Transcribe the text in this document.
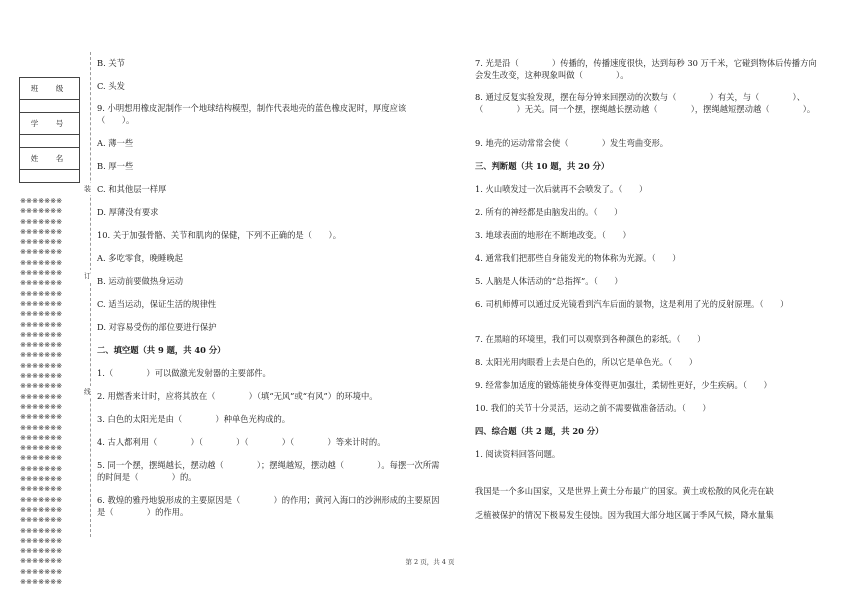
班　级

学　号

姓　名

※※※※※※※
※※※※※※※
※※※※※※※
※※※※※※※
※※※※※※※
※※※※※※※
※※※※※※※
※※※※※※※
※※※※※※※
※※※※※※※
※※※※※※※
※※※※※※※
※※※※※※※
※※※※※※※
※※※※※※※
※※※※※※※
※※※※※※※
※※※※※※※
※※※※※※※
※※※※※※※
※※※※※※※
※※※※※※※
※※※※※※※
※※※※※※※
※※※※※※※
※※※※※※※
※※※※※※※
※※※※※※※
※※※※※※※
※※※※※※※
※※※※※※※
※※※※※※※
※※※※※※※
※※※※※※※
※※※※※※※
※※※※※※※
※※※※※※※
※※※※※※※
装
订
线
B. 关节
C. 头发
9. 小明想用橡皮泥制作一个地球结构模型，制作代表地壳的蓝色橡皮泥时，厚度应该（　　）。
A. 薄一些
B. 厚一些
C. 和其他层一样厚
D. 厚薄没有要求
10. 关于加强骨骼、关节和肌肉的保健，下列不正确的是（　　）。
A. 多吃零食，晚睡晚起
B. 运动前要做热身运动
C. 适当运动，保证生活的规律性
D. 对容易受伤的部位要进行保护
二、填空题（共 9 题，共 40 分）
1.（　　　　）可以做激光发射器的主要部件。
2. 用燃香来计时，应将其放在（　　　　）（填“无风”或“有风”）的环境中。
3. 白色的太阳光是由（　　　　）种单色光构成的。
4. 古人都利用（　　　　）（　　　　）（　　　　）（　　　　）等来计时的。
5. 同一个摆，摆绳越长，摆动越（　　　　）；摆绳越短，摆动越（　　　　）。每摆一次所需的时间是（　　　　）的。
6. 教煌的雅丹地貌形成的主要原因是（　　　　）的作用；黄河入海口的沙洲形成的主要原因是（　　　　）的作用。
7. 光是沿（　　　　）传播的，传播速度很快，达到每秒 30 万千米，它碰到物体后传播方向会发生改变，这种现象叫做（　　　　）。
8. 通过反复实验发现，摆在每分钟来回摆动的次数与（　　　　）有关，与（　　　　）、（　　　　）无关。同一个摆，摆绳越长摆动越（　　　　），摆绳越短摆动越（　　　　）。
9. 地壳的运动常常会使（　　　　）发生弯曲变形。
三、判断题（共 10 题，共 20 分）
1. 火山喷发过一次后就再不会喷发了。（　　）
2. 所有的神经都是由脑发出的。（　　）
3. 地球表面的地形在不断地改变。（　　）
4. 通常我们把那些自身能发光的物体称为光源。（　　）
5. 人脑是人体活动的“总指挥”。（　　）
6. 司机师傅可以通过反光镜看到汽车后面的景物，这是利用了光的反射原理。（　　）
7. 在黑暗的环境里，我们可以观察到各种颜色的彩纸。（　　）
8. 太阳光用肉眼看上去是白色的，所以它是单色光。（　　）
9. 经常参加适度的锻炼能使身体变得更加强壮，柔韧性更好，少生疾病。（　　）
10. 我们的关节十分灵活，运动之前不需要做准备活动。（　　）
四、综合题（共 2 题，共 20 分）
1. 阅读资料回答问题。
我国是一个多山国家，又是世界上黄土分布最广的国家。黄土或松散的风化壳在缺
乏植被保护的情况下极易发生侵蚀。因为我国大部分地区属于季风气候，降水量集
第 2 页，共 4 页
